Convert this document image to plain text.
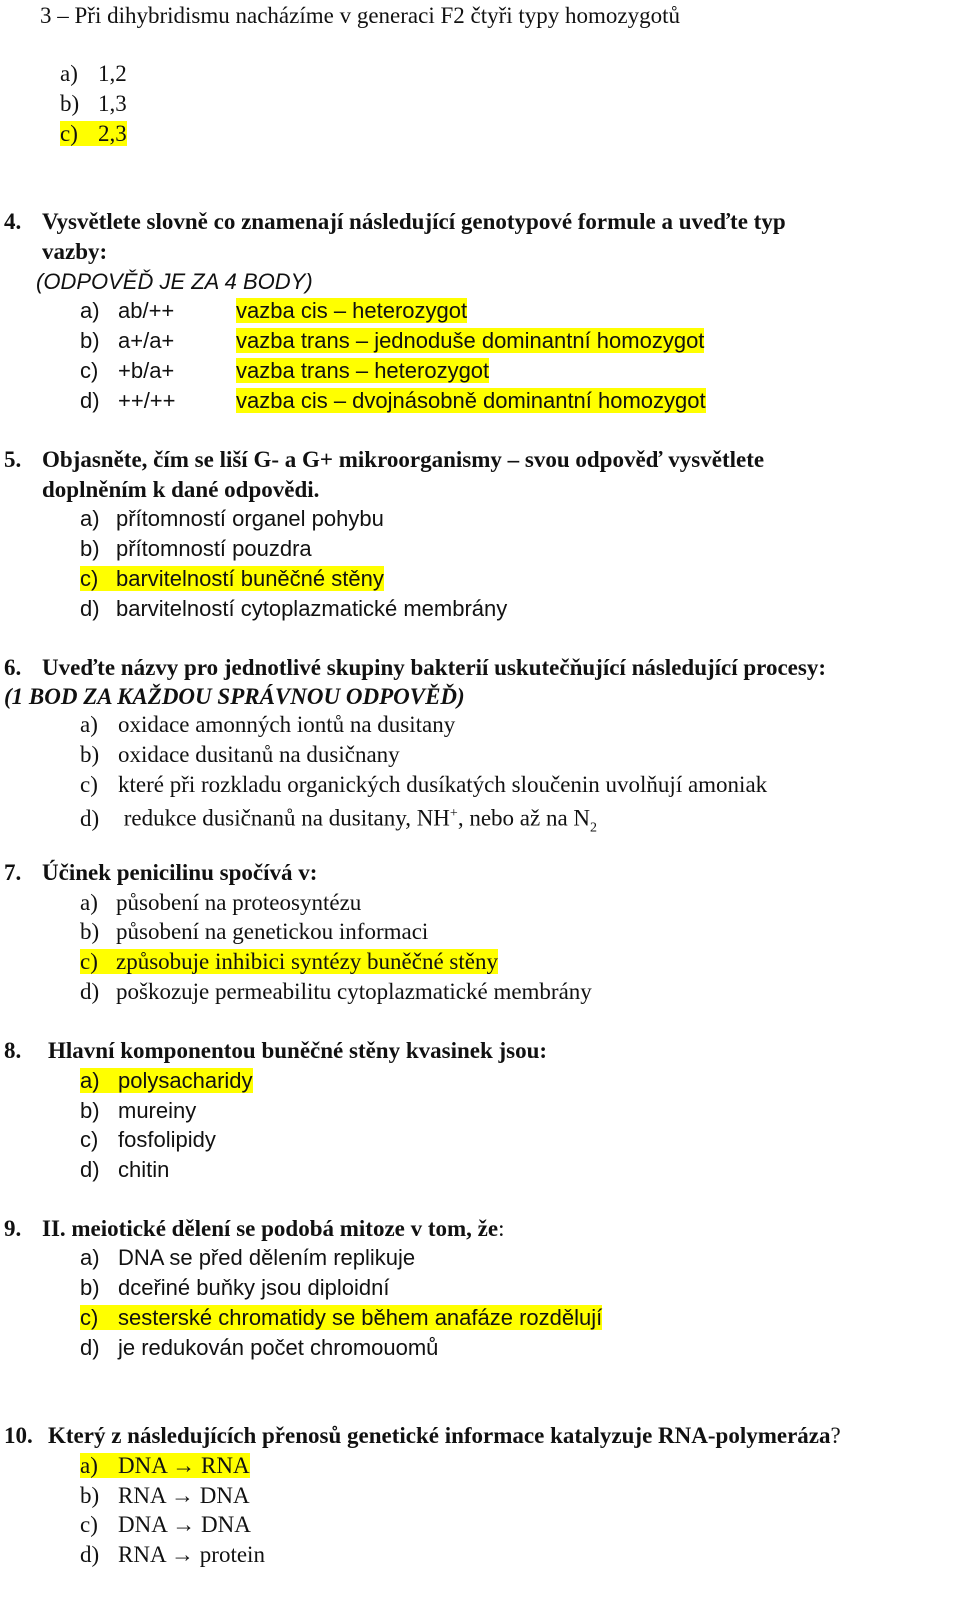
3 – Při dihybridismu nacházíme v generaci F2 čtyři typy homozygotů
a) 1,2
b) 1,3
c) 2,3
4. Vysvětlete slovně co znamenají následující genotypové formule a uveďte typ
vazby:
(ODPOVĚĎ JE ZA 4 BODY)
a) ab/++	vazba cis – heterozygot
b) a+/a+	vazba trans – jednoduše dominantní homozygot
c) +b/a+	vazba trans – heterozygot
d) ++/++	vazba cis – dvojnásobně dominantní homozygot
5. Objasněte, čím se liší G- a G+ mikroorganismy – svou odpověď vysvětlete
doplněním k dané odpovědi.
a) přítomností organel pohybu
b) přítomností pouzdra
c) barvitelností buněčné stěny
d) barvitelností cytoplazmatické membrány
6. Uveďte názvy pro jednotlivé skupiny bakterií uskutečňující následující procesy:
(1 BOD ZA KAŽDOU SPRÁVNOU ODPOVĚĎ)
a) oxidace amonných iontů na dusitany
b) oxidace dusitanů na dusičnany
c) které při rozkladu organických dusíkatých sloučenin uvolňují amoniak
d) redukce dusičnanů na dusitany, NH+, nebo až na $N_2$
7. Účinek penicilinu spočívá v:
a) působení na proteosyntézu
b) působení na genetickou informaci
c) způsobuje inhibici syntézy buněčné stěny
d) poškozuje permeabilitu cytoplazmatické membrány
8. Hlavní komponentou buněčné stěny kvasinek jsou:
a) polysacharidy
b) mureiny
c) fosfolipidy
d) chitin
9. II. meiotické dělení se podobá mitoze v tom, že:
a) DNA se před dělením replikuje
b) dceřiné buňky jsou diploidní
c) sesterské chromatidy se během anafáze rozdělují
d) je redukován počet chromouomů
10. Který z následujících přenosů genetické informace katalyzuje RNA-polymeráza?
a) DNA → RNA
b) RNA → DNA
c) DNA → DNA
d) RNA → protein
